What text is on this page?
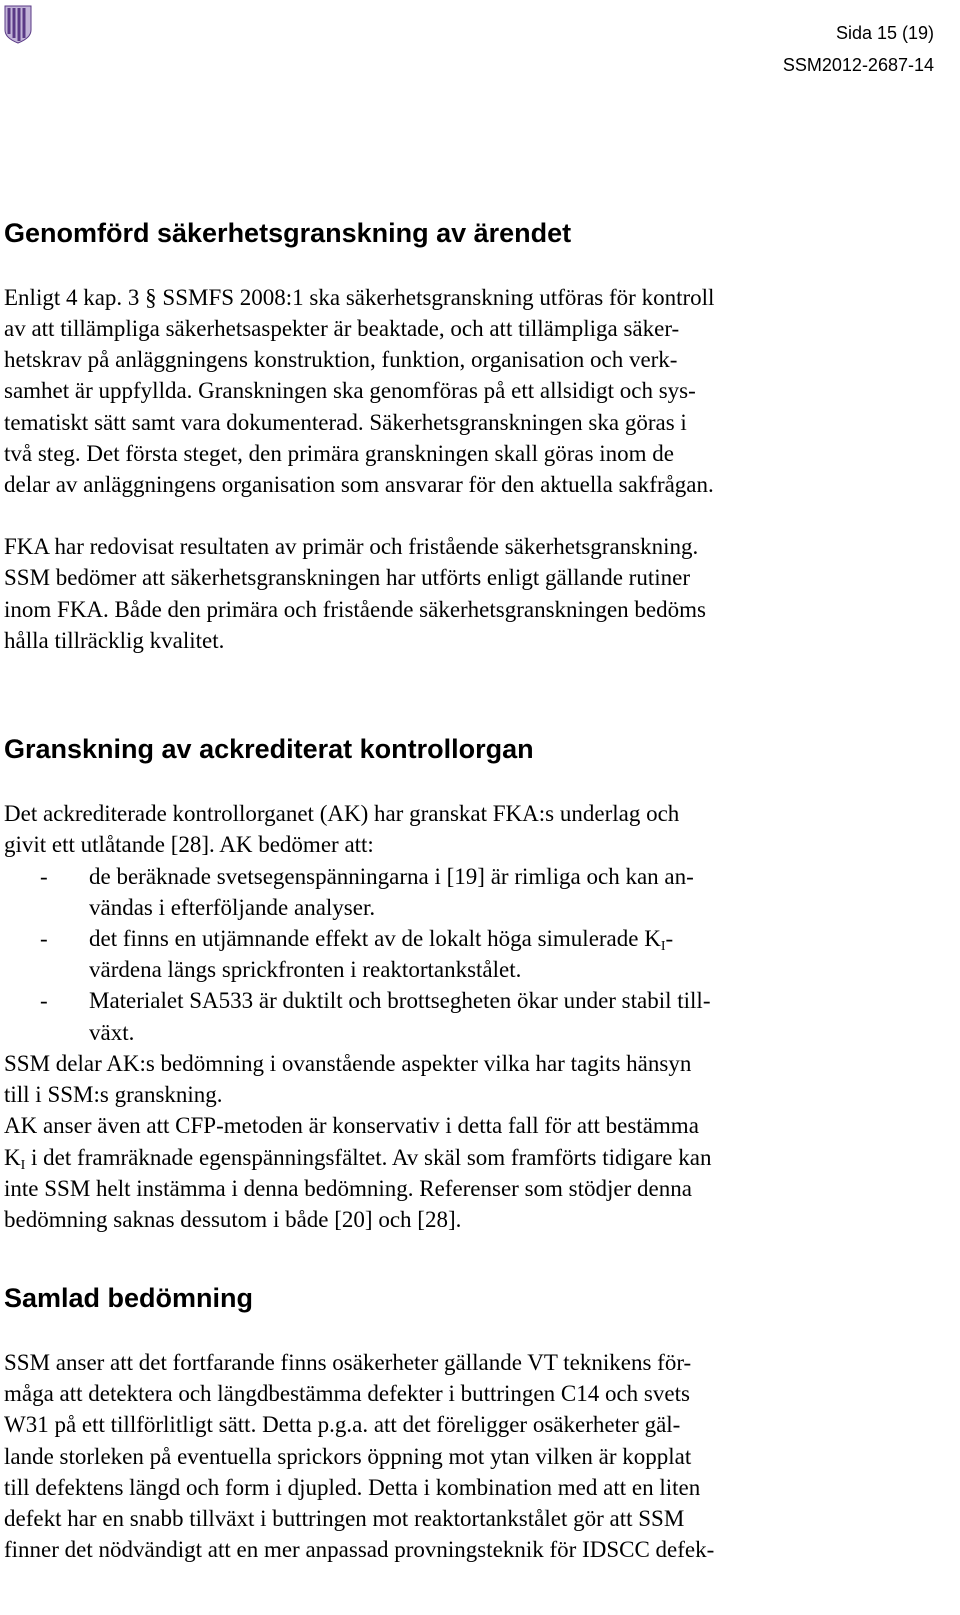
Sida 15 (19)
SSM2012-2687-14
Genomförd säkerhetsgranskning av ärendet
Enligt 4 kap. 3 § SSMFS 2008:1 ska säkerhetsgranskning utföras för kontroll
av att tillämpliga säkerhetsaspekter är beaktade, och att tillämpliga säker-
hetskrav på anläggningens konstruktion, funktion, organisation och verk-
samhet är uppfyllda. Granskningen ska genomföras på ett allsidigt och sys-
tematiskt sätt samt vara dokumenterad. Säkerhetsgranskningen ska göras i
två steg. Det första steget, den primära granskningen skall göras inom de
delar av anläggningens organisation som ansvarar för den aktuella sakfrågan.
FKA har redovisat resultaten av primär och fristående säkerhetsgranskning.
SSM bedömer att säkerhetsgranskningen har utförts enligt gällande rutiner
inom FKA. Både den primära och fristående säkerhetsgranskningen bedöms
hålla tillräcklig kvalitet.
Granskning av ackrediterat kontrollorgan
Det ackrediterade kontrollorganet (AK) har granskat FKA:s underlag och
givit ett utlåtande [28]. AK bedömer att:
- de beräknade svetsegenspänningarna i [19] är rimliga och kan an-
vändas i efterföljande analyser.
- det finns en utjämnande effekt av de lokalt höga simulerade $K_I-$
värdena längs sprickfronten i reaktortankstålet.
- Materialet SA533 är duktilt och brottsegheten ökar under stabil till-
växt.
SSM delar AK:s bedömning i ovanstående aspekter vilka har tagits hänsyn
till i SSM:s granskning.
AK anser även att CFP-metoden är konservativ i detta fall för att bestämma
$K_I$ i det framräknade egenspänningsfältet. Av skäl som framförts tidigare kan
inte SSM helt instämma i denna bedömning. Referenser som stödjer denna
bedömning saknas dessutom i både [20] och [28].
Samlad bedömning
SSM anser att det fortfarande finns osäkerheter gällande VT teknikens för-
måga att detektera och längdbestämma defekter i buttringen C14 och svets
W31 på ett tillförlitligt sätt. Detta p.g.a. att det föreligger osäkerheter gäl-
lande storleken på eventuella sprickors öppning mot ytan vilken är kopplat
till defektens längd och form i djupled. Detta i kombination med att en liten
defekt har en snabb tillväxt i buttringen mot reaktortankstålet gör att SSM
finner det nödvändigt att en mer anpassad provningsteknik för IDSCC defek-
